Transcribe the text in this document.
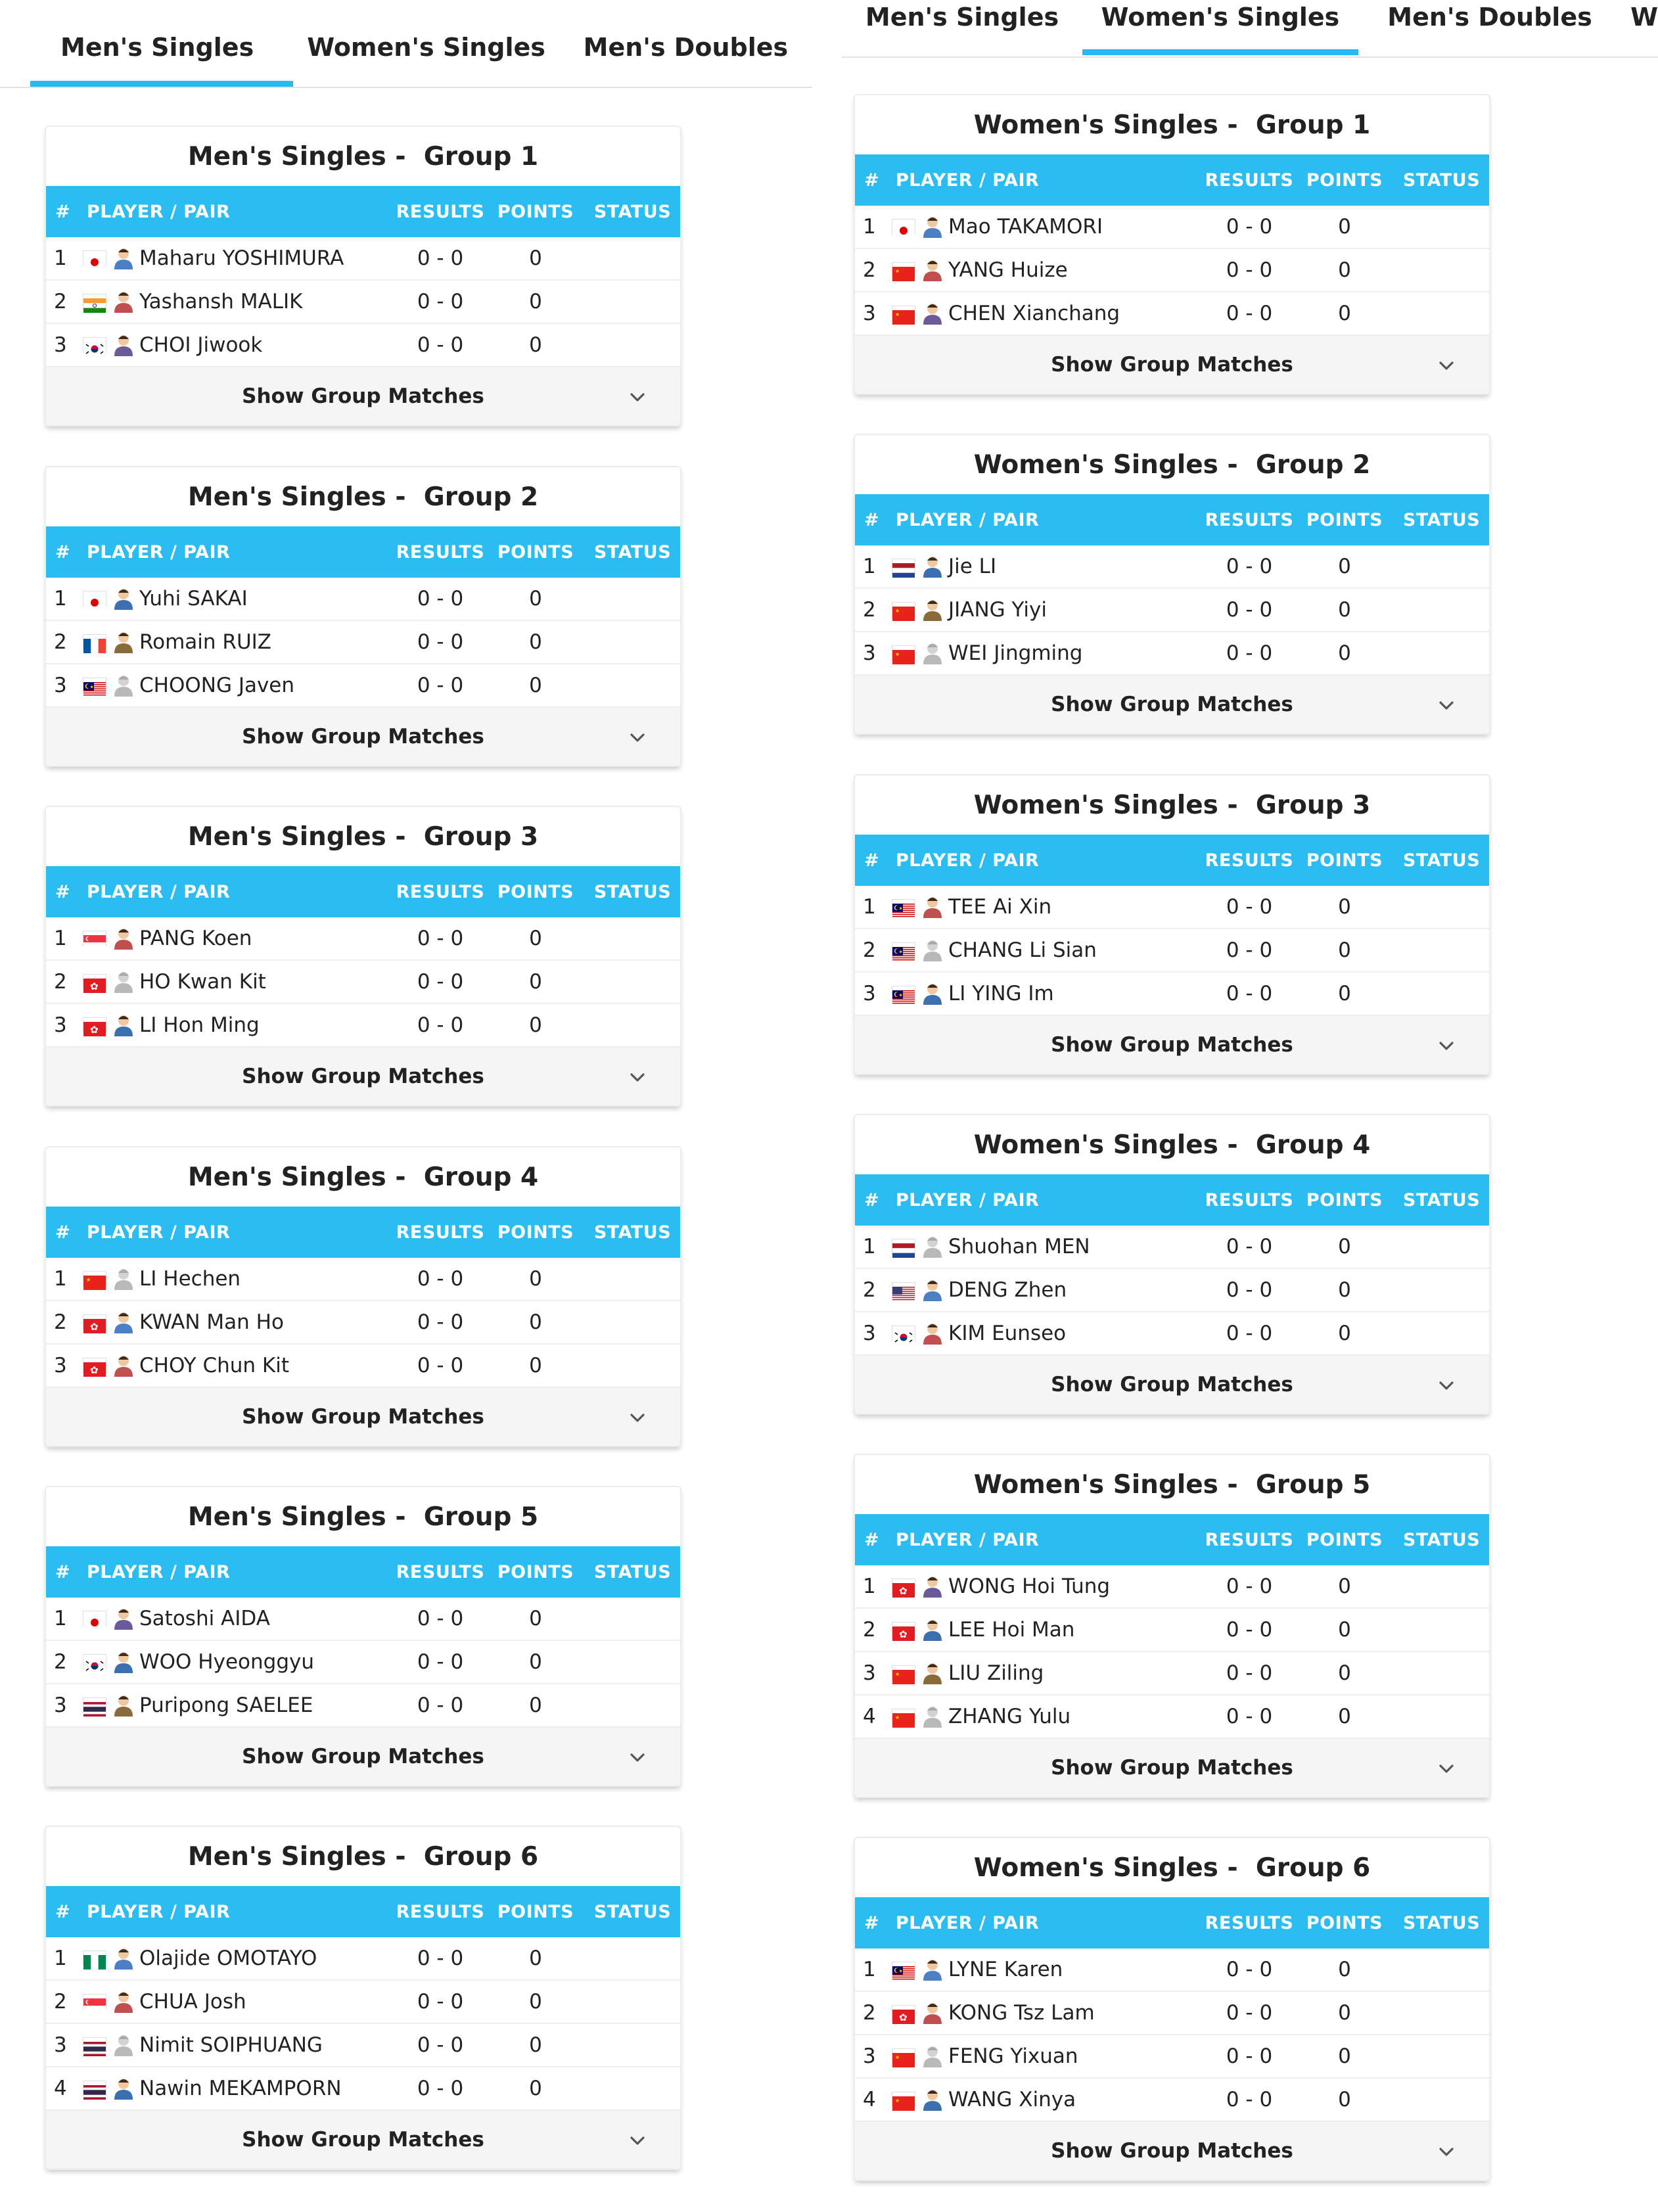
Men's Singles	Women's Singles	Men's Doubles
Men's Singles - Group 1
# PLAYER / PAIR	RESULTS POINTS	STATUS
1	Maharu YOSHIMURA	0 - 0	0
2	Yashansh MALIK	0 - 0	0
3	CHOI Jiwook	0 - 0	0
Show Group Matches
Men's Singles - Group 2
# PLAYER / PAIR	RESULTS POINTS	STATUS
1	Yuhi SAKAI	0 - 0	0
2	Romain RUIZ	0 - 0	0
3	★ CHOONG Javen	0 - 0	0
Show Group Matches
Men's Singles - Group 3
# PLAYER / PAIR	RESULTS POINTS	STATUS
1	PANG Koen	0 - 0	0
2	✿ HO Kwan Kit	0 - 0	0
3	✿ LI Hon Ming	0 - 0	0
Show Group Matches
Men's Singles - Group 4
# PLAYER / PAIR	RESULTS POINTS	STATUS
1	★ LI Hechen	0 - 0	0
2	✿ KWAN Man Ho	0 - 0	0
3	✿ CHOY Chun Kit	0 - 0	0
Show Group Matches
Men's Singles - Group 5
# PLAYER / PAIR	RESULTS POINTS	STATUS
1	Satoshi AIDA	0 - 0	0
2	WOO Hyeonggyu	0 - 0	0
3	Puripong SAELEE	0 - 0	0
Show Group Matches
Men's Singles - Group 6
# PLAYER / PAIR	RESULTS POINTS	STATUS
1	Olajide OMOTAYO	0 - 0	0
2	CHUA Josh	0 - 0	0
3	Nimit SOIPHUANG	0 - 0	0
4	Nawin MEKAMPORN	0 - 0	0
Show Group Matches
Men's Singles	Women's Singles	Men's Doubles	W
Women's Singles - Group 1
# PLAYER / PAIR	RESULTS POINTS	STATUS
1	Mao TAKAMORI	0 - 0	0
2	★ YANG Huize	0 - 0	0
3	★ CHEN Xianchang	0 - 0	0
Show Group Matches
Women's Singles - Group 2
# PLAYER / PAIR	RESULTS POINTS	STATUS
1	Jie LI	0 - 0	0
2	★ JIANG Yiyi	0 - 0	0
3	★ WEI Jingming	0 - 0	0
Show Group Matches
Women's Singles - Group 3
# PLAYER / PAIR	RESULTS POINTS	STATUS
1	★ TEE Ai Xin	0 - 0	0
2	★ CHANG Li Sian	0 - 0	0
3	★ LI YING Im	0 - 0	0
Show Group Matches
Women's Singles - Group 4
# PLAYER / PAIR	RESULTS POINTS	STATUS
1	Shuohan MEN	0 - 0	0
2	DENG Zhen	0 - 0	0
3	KIM Eunseo	0 - 0	0
Show Group Matches
Women's Singles - Group 5
# PLAYER / PAIR	RESULTS POINTS	STATUS
1	✿ WONG Hoi Tung	0 - 0	0
2	✿ LEE Hoi Man	0 - 0	0
3	★ LIU Ziling	0 - 0	0
4	★ ZHANG Yulu	0 - 0	0
Show Group Matches
Women's Singles - Group 6
# PLAYER / PAIR	RESULTS POINTS	STATUS
1	★ LYNE Karen	0 - 0	0
2	✿ KONG Tsz Lam	0 - 0	0
3	★ FENG Yixuan	0 - 0	0
4	★ WANG Xinya	0 - 0	0
Show Group Matches
